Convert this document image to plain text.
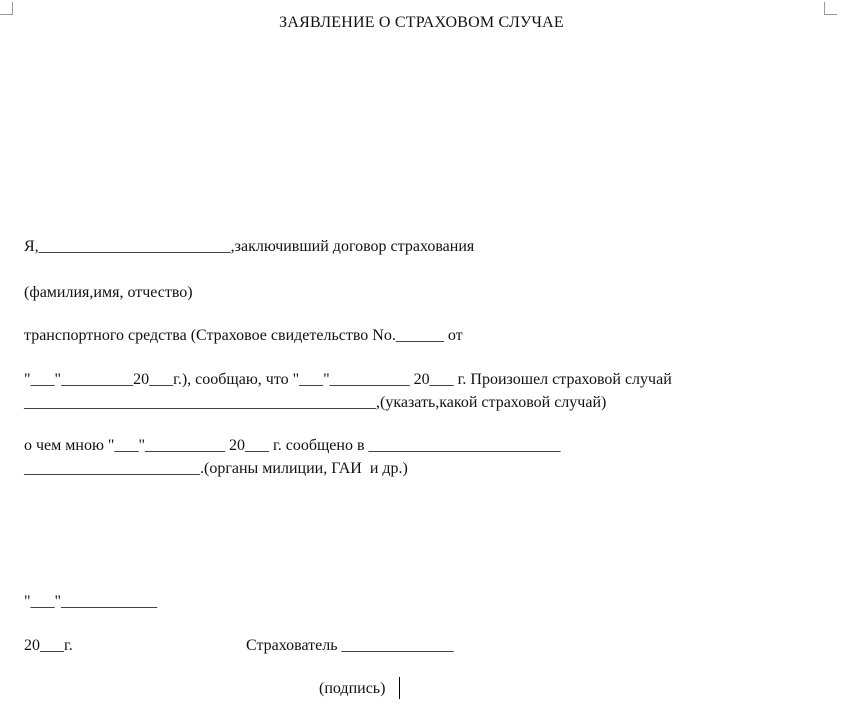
ЗАЯВЛЕНИЕ О СТРАХОВОМ СЛУЧАЕ
Я,________________________,заключивший договор страхования
(фамилия,имя, отчество)
транспортного средства (Страховое свидетельство No.______ от
"___"_________20___г.), сообщаю, что "___"__________ 20___ г. Произошел страховой случай
____________________________________________,(указать,какой страховой случай)
о чем мною "___"__________ 20___ г. сообщено в ________________________
______________________.(органы милиции, ГАИ  и др.)
"___"____________
20___г.	Страхователь ______________
(подпись)
